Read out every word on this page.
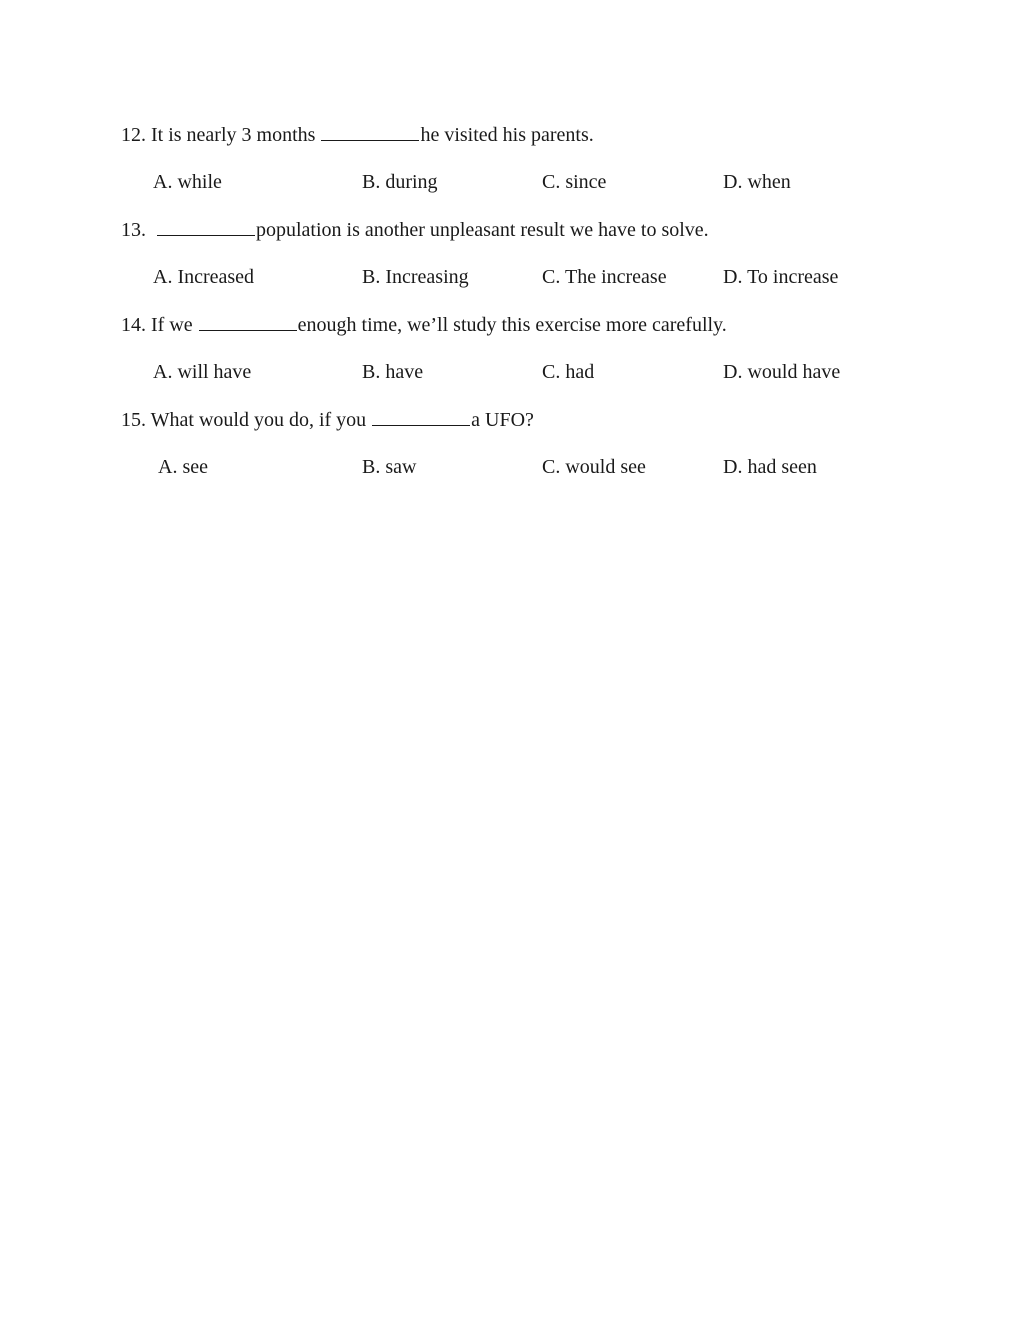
12. It is nearly 3 months	he visited his parents.
A. while	B. during	C. since	D. when
13.	population is another unpleasant result we have to solve.
A. Increased	B. Increasing	C. The increase	D. To increase
14. If we	enough time, we’ll study this exercise more carefully.
A. will have	B. have	C. had	D. would have
15. What would you do, if you	a UFO?
A. see	B. saw	C. would see	D. had seen
